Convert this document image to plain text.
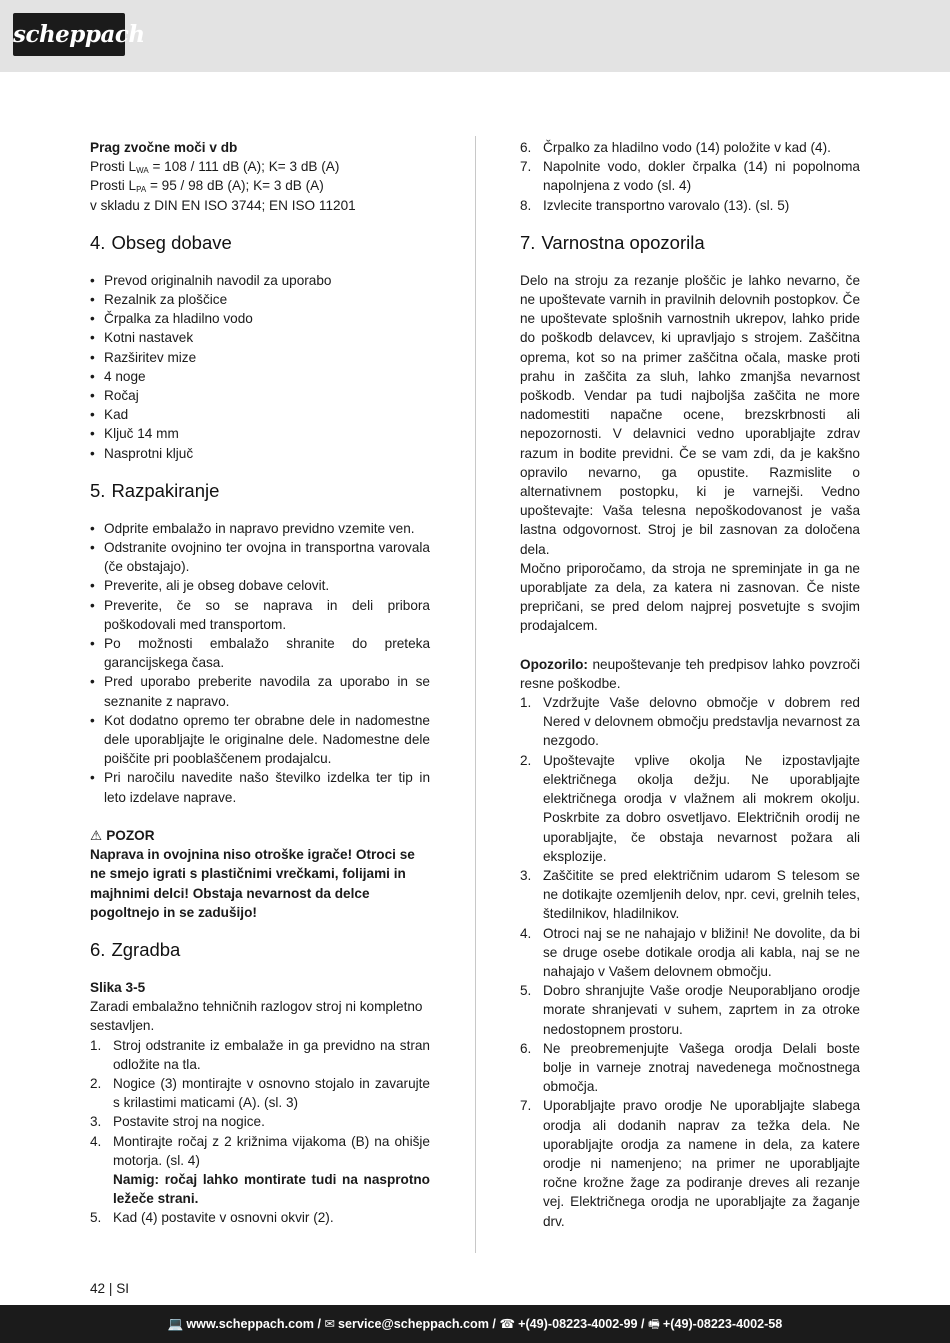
scheppach

Prag zvočne moči v db

Prosti $L_{WA} = 108 / 111$ dB (A); K= 3 dB (A)

Prosti $L_{PA} = 95 / 98$ dB (A); K= 3 dB (A)

v skladu z DIN EN ISO 3744; EN ISO 11201

4. Obseg dobave
• Prevod originalnih navodil za uporabo
• Rezalnik za ploščice
• Črpalka za hladilno vodo
• Kotni nastavek
• Razširitev mize
• 4 noge
• Ročaj
• Kad
• Ključ 14 mm
• Nasprotni ključ
5. Razpakiranje
• Odprite embalažo in napravo previdno vzemite ven.
• Odstranite ovojnino ter ovojna in transportna varovala (če obstajajo).
• Preverite, ali je obseg dobave celovit.
• Preverite, če so se naprava in deli pribora poškodovali med transportom.
• Po možnosti embalažo shranite do preteka garancijskega časa.
• Pred uporabo preberite navodila za uporabo in se seznanite z napravo.
• Kot dodatno opremo ter obrabne dele in nadomestne dele uporabljajte le originalne dele. Nadomestne dele poiščite pri pooblaščenem prodajalcu.
• Pri naročilu navedite našo številko izdelka ter tip in leto izdelave naprave.

⚠ POZOR

Naprava in ovojnina niso otroške igrače! Otroci se ne smejo igrati s plastičnimi vrečkami, folijami in majhnimi delci! Obstaja nevarnost da delce pogoltnejo in se zadušijo!

6. Zgradba

Slika 3-5

Zaradi embalažno tehničnih razlogov stroj ni kompletno sestavljen.

1. Stroj odstranite iz embalaže in ga previdno na stran odložite na tla.
2. Nogice (3) montirajte v osnovno stojalo in zavarujte s krilastimi maticami (A). (sl. 3)
3. Postavite stroj na nogice.
4. Montirajte ročaj z 2 križnima vijakoma (B) na ohišje motorja. (sl. 4)
Namig: ročaj lahko montirate tudi na nasprotno ležeče strani.
5. Kad (4) postavite v osnovni okvir (2).
6. Črpalko za hladilno vodo (14) položite v kad (4).
7. Napolnite vodo, dokler črpalka (14) ni popolnoma napolnjena z vodo (sl. 4)
8. Izvlecite transportno varovalo (13). (sl. 5)
7. Varnostna opozorila

Delo na stroju za rezanje ploščic je lahko nevarno, če ne upoštevate varnih in pravilnih delovnih postopkov. Če ne upoštevate splošnih varnostnih ukrepov, lahko pride do poškodb delavcev, ki upravljajo s strojem. Zaščitna oprema, kot so na primer zaščitna očala, maske proti prahu in zaščita za sluh, lahko zmanjša nevarnost poškodb. Vendar pa tudi najboljša zaščita ne more nadomestiti napačne ocene, brezskrbnosti ali nepozornosti. V delavnici vedno uporabljajte zdrav razum in bodite previdni. Če se vam zdi, da je kakšno opravilo nevarno, ga opustite. Razmislite o alternativnem postopku, ki je varnejši. Vedno upoštevajte: Vaša telesna nepoškodovanost je vaša lastna odgovornost. Stroj je bil zasnovan za določena dela.

Močno priporočamo, da stroja ne spreminjate in ga ne uporabljate za dela, za katera ni zasnovan. Če niste prepričani, se pred delom najprej posvetujte s svojim prodajalcem.

Opozorilo: neupoštevanje teh predpisov lahko povzroči resne poškodbe.

1. Vzdržujte Vaše delovno območje v dobrem red Nered v delovnem območju predstavlja nevarnost za nezgodo.
2. Upoštevajte vplive okolja Ne izpostavljajte električnega okolja dežju. Ne uporabljajte električnega orodja v vlažnem ali mokrem okolju. Poskrbite za dobro osvetljavo. Električnih orodij ne uporabljajte, če obstaja nevarnost požara ali eksplozije.
3. Zaščitite se pred električnim udarom S telesom se ne dotikajte ozemljenih delov, npr. cevi, grelnih teles, štedilnikov, hladilnikov.
4. Otroci naj se ne nahajajo v bližini! Ne dovolite, da bi se druge osebe dotikale orodja ali kabla, naj se ne nahajajo v Vašem delovnem območju.
5. Dobro shranjujte Vaše orodje Neuporabljano orodje morate shranjevati v suhem, zaprtem in za otroke nedostopnem prostoru.
6. Ne preobremenjujte Vašega orodja Delali boste bolje in varneje znotraj navedenega močnostnega območja.
7. Uporabljajte pravo orodje Ne uporabljajte slabega orodja ali dodanih naprav za težka dela. Ne uporabljajte orodja za namene in dela, za katere orodje ni namenjeno; na primer ne uporabljajte ročne krožne žage za podiranje dreves ali rezanje vej. Električnega orodja ne uporabljajte za žaganje drv.
42 | SI
💻 www.scheppach.com / ✉ service@scheppach.com / ☎ +(49)-08223-4002-99 / 🖷 +(49)-08223-4002-58
